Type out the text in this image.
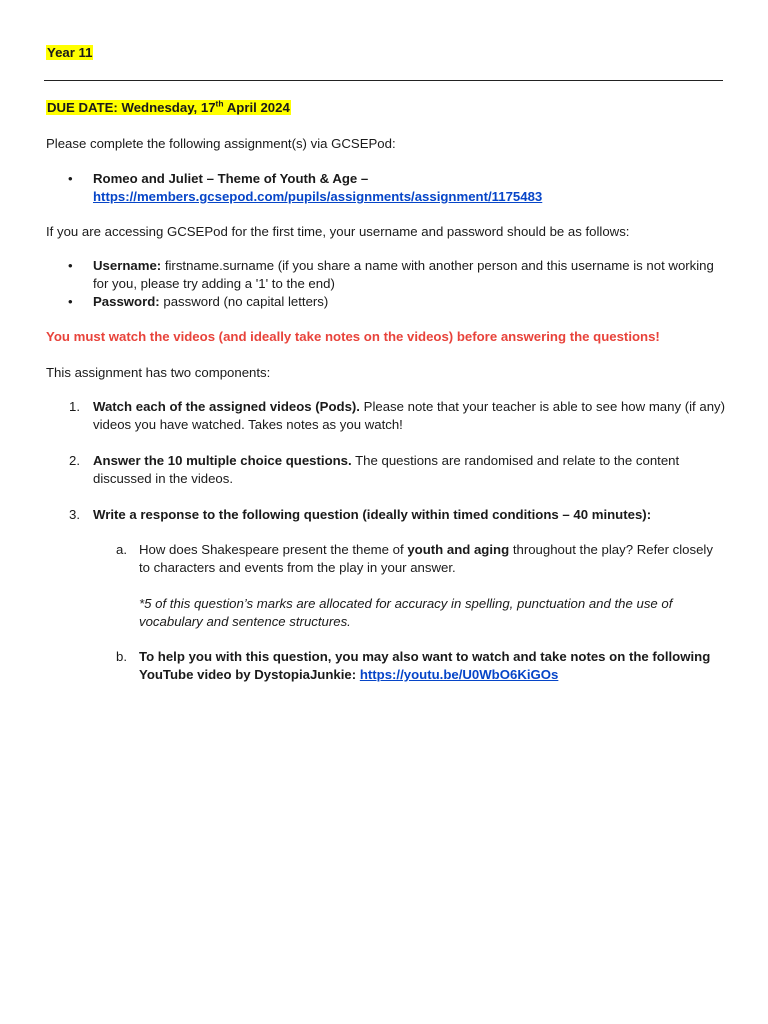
Year 11
DUE DATE: Wednesday, 17th April 2024
Please complete the following assignment(s) via GCSEPod:
• Romeo and Juliet – Theme of Youth & Age –
https://members.gcsepod.com/pupils/assignments/assignment/1175483
If you are accessing GCSEPod for the first time, your username and password should be as follows:
• Username: firstname.surname (if you share a name with another person and this username is not working for you, please try adding a '1' to the end)
• Password: password (no capital letters)
You must watch the videos (and ideally take notes on the videos) before answering the questions!
This assignment has two components:
1. Watch each of the assigned videos (Pods). Please note that your teacher is able to see how many (if any) videos you have watched. Takes notes as you watch!
2. Answer the 10 multiple choice questions. The questions are randomised and relate to the content discussed in the videos.
3. Write a response to the following question (ideally within timed conditions – 40 minutes):
a. How does Shakespeare present the theme of youth and aging throughout the play? Refer closely to characters and events from the play in your answer.
*5 of this question’s marks are allocated for accuracy in spelling, punctuation and the use of vocabulary and sentence structures.
b. To help you with this question, you may also want to watch and take notes on the following YouTube video by DystopiaJunkie: https://youtu.be/U0WbO6KiGOs
